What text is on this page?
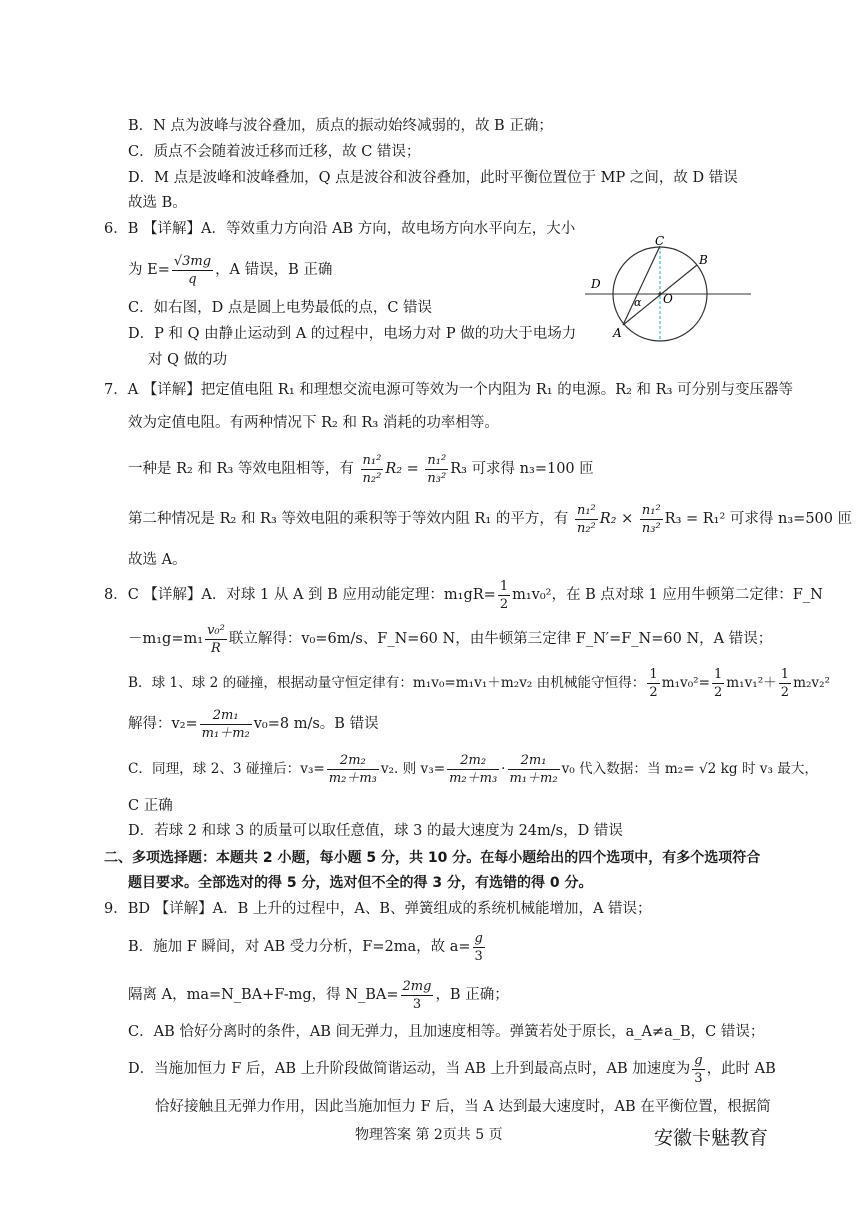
B．N 点为波峰与波谷叠加，质点的振动始终减弱的，故 B 正确；
C．质点不会随着波迁移而迁移，故 C 错误；
D．M 点是波峰和波峰叠加，Q 点是波谷和波谷叠加，此时平衡位置位于 MP 之间，故 D 错误
故选 B。
6．B 【详解】A．等效重力方向沿 AB 方向，故电场方向水平向左，大小
为 $E= \frac{√3mg}{q}$ ，A 错误，B 正确
C．如右图，D 点是圆上电势最低的点，C 错误
D．P 和 Q 由静止运动到 A 的过程中，电场力对 P 做的功大于电场力
对 Q 做的功
C
B
D
O
A
α
7．A 【详解】把定值电阻 R₁ 和理想交流电源可等效为一个内阻为 R₁ 的电源。R₂ 和 R₃ 可分别与变压器等
效为定值电阻。有两种情况下 R₂ 和 R₃ 消耗的功率相等。
一种是 R₂ 和 R₃ 等效电阻相等，有 $\frac{\text{n₁²}}{\text{n₂²}} R_2 = \frac{\text{n₁²}}{\text{n₃²}} R_3$ 可求得 n₃=100 匝
第二种情况是 R₂ 和 R₃ 等效电阻的乘积等于等效内阻 R₁ 的平方，有 $\frac{\text{n₁²}}{\text{n₂²}} R_2 \times \frac{\text{n₁²}}{\text{n₃²}} R_3 = R_1^2$ 可求得 n₃=500 匝
故选 A。
8．C 【详解】A．对球 1 从 A 到 B 应用动能定理：$m_1gR= \frac{1}{2} m_1v_0^2$，在 B 点对球 1 应用牛顿第二定律：F_N
$-m_1g=m_1 \frac{\text{v₀²}}{R}$ 联立解得：v₀=6m/s、F_N=60 N，由牛顿第三定律 F_N′=F_N=60 N，A 错误；
B．球 1、球 2 的碰撞，根据动量守恒定律有：m₁v₀=m₁v₁＋m₂v₂ 由机械能守恒得： $\frac{1}{2} m_1v_0^2= \frac{1}{2} m_1v_1^2+ \frac{1}{2} m_2v_2^2$
解得：$v_2= \frac{\text{2m₁}}{\text{m₁＋m₂}} v_0=8$ m/s。B 错误
C．同理，球 2、3 碰撞后：$v_3= \frac{\text{2m₂}}{\text{m₂＋m₃}} v_2$. 则 $v_3= \frac{\text{2m₂}}{\text{m₂＋m₃}} \cdot \frac{\text{2m₁}}{\text{m₁＋m₂}} v_0$ 代入数据：当 m₂= √2 kg 时 v₃ 最大，
C 正确
D．若球 2 和球 3 的质量可以取任意值，球 3 的最大速度为 24m/s，D 错误
二、多项选择题：本题共 2 小题，每小题 5 分，共 10 分。在每小题给出的四个选项中，有多个选项符合
题目要求。全部选对的得 5 分，选对但不全的得 3 分，有选错的得 0 分。
9．BD 【详解】A．B 上升的过程中，A、B、弹簧组成的系统机械能增加，A 错误；
B．施加 F 瞬间，对 AB 受力分析，F=2ma，故 $a= \frac{g}{3}$
隔离 A，ma=N_BA+F-mg，得 N_BA= $\frac{2mg}{3}$ ，B 正确；
C．AB 恰好分离时的条件，AB 间无弹力，且加速度相等。弹簧若处于原长，a_A≠a_B，C 错误；
D．当施加恒力 F 后，AB 上升阶段做简谐运动，当 AB 上升到最高点时，AB 加速度为 $\frac{g}{3}$ ，此时 AB
恰好接触且无弹力作用，因此当施加恒力 F 后，当 A 达到最大速度时，AB 在平衡位置，根据简
物理答案 第 2页共 5 页	安徽卡魅教育
